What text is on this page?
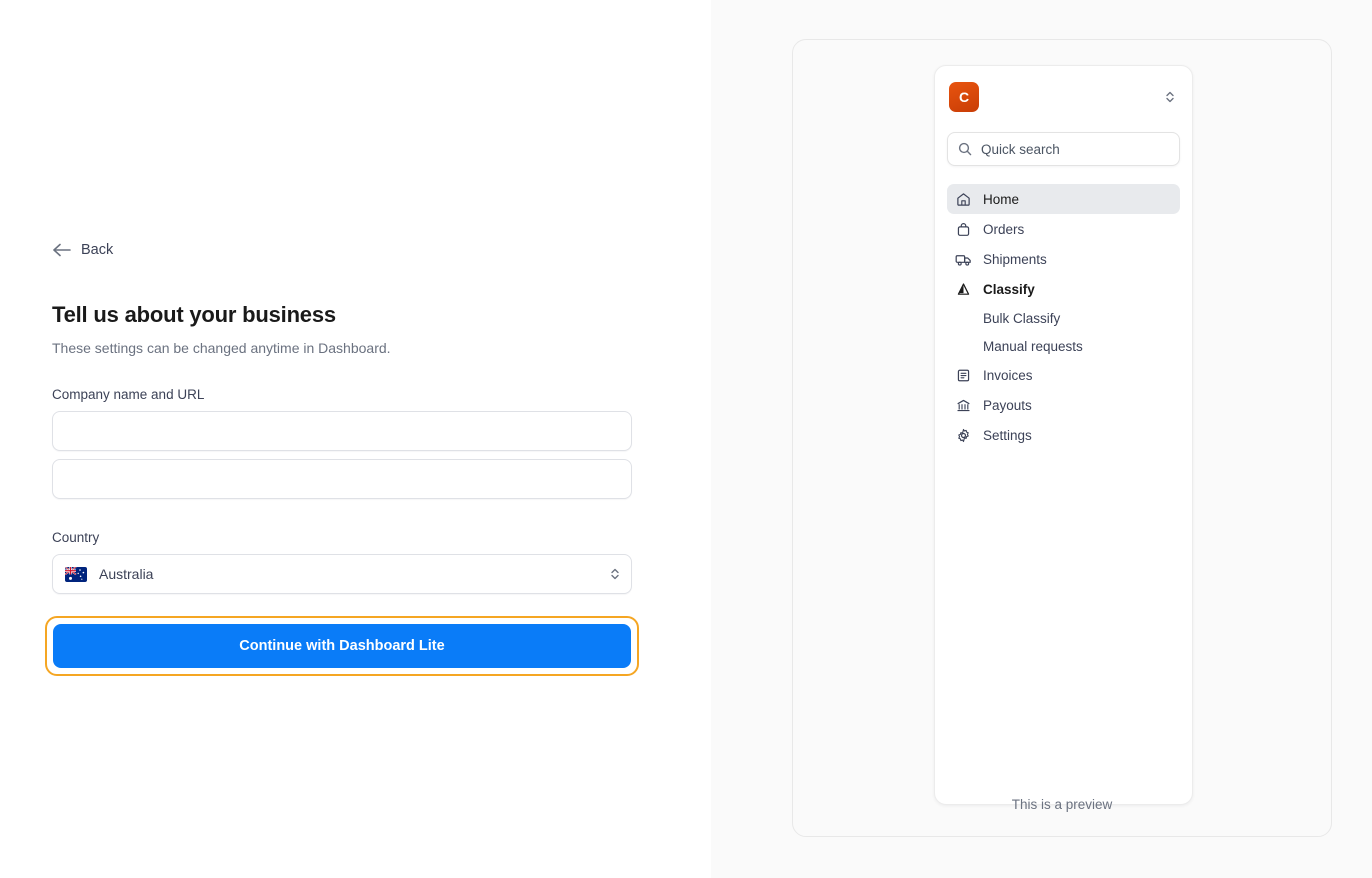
Back
Tell us about your business

These settings can be changed anytime in Dashboard.

Company name and URL

Country
Australia
Continue with Dashboard Lite
C
Quick search
Home
Orders
Shipments
Classify
Bulk Classify
Manual requests
Invoices
Payouts
Settings
This is a preview
